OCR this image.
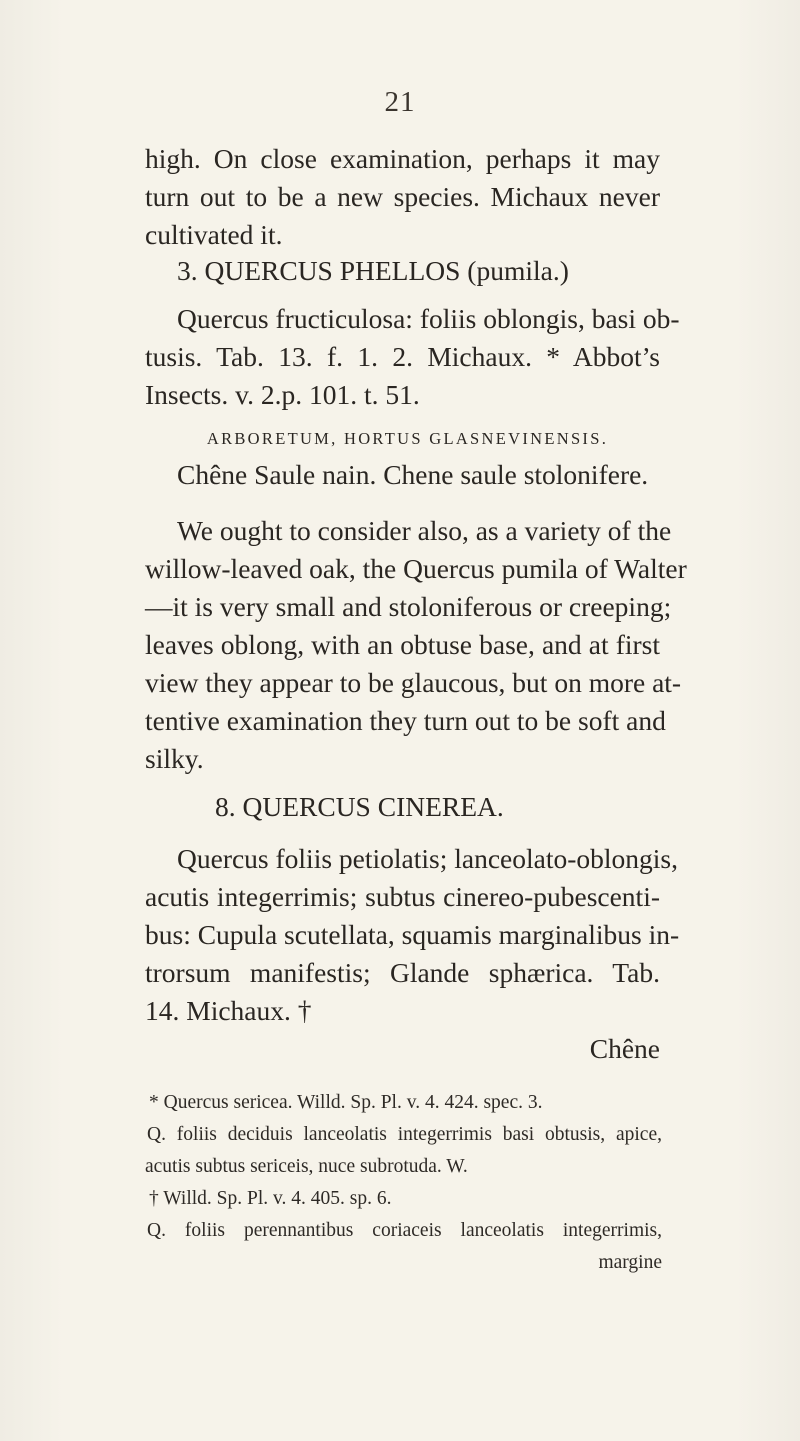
21
high. On close examination, perhaps it may
turn out to be a new species. Michaux never
cultivated it.
3. QUERCUS PHELLOS (pumila.)
Quercus fructiculosa: foliis oblongis, basi ob-
tusis. Tab. 13. f. 1. 2. Michaux. * Abbot’s
Insects. v. 2.p. 101. t. 51.
ARBORETUM, HORTUS GLASNEVINENSIS.
Chêne Saule nain. Chene saule stolonifere.
We ought to consider also, as a variety of the
willow-leaved oak, the Quercus pumila of Walter
—it is very small and stoloniferous or creeping;
leaves oblong, with an obtuse base, and at first
view they appear to be glaucous, but on more at-
tentive examination they turn out to be soft and
silky.
8. QUERCUS CINEREA.
Quercus foliis petiolatis; lanceolato-oblongis,
acutis integerrimis; subtus cinereo-pubescenti-
bus: Cupula scutellata, squamis marginalibus in-
trorsum manifestis; Glande sphærica. Tab.
14. Michaux. †
Chêne
* Quercus sericea. Willd. Sp. Pl. v. 4. 424. spec. 3.
Q. foliis deciduis lanceolatis integerrimis basi obtusis, apice,
acutis subtus sericeis, nuce subrotuda. W.
† Willd. Sp. Pl. v. 4. 405. sp. 6.
Q. foliis perennantibus coriaceis lanceolatis integerrimis,
margine
